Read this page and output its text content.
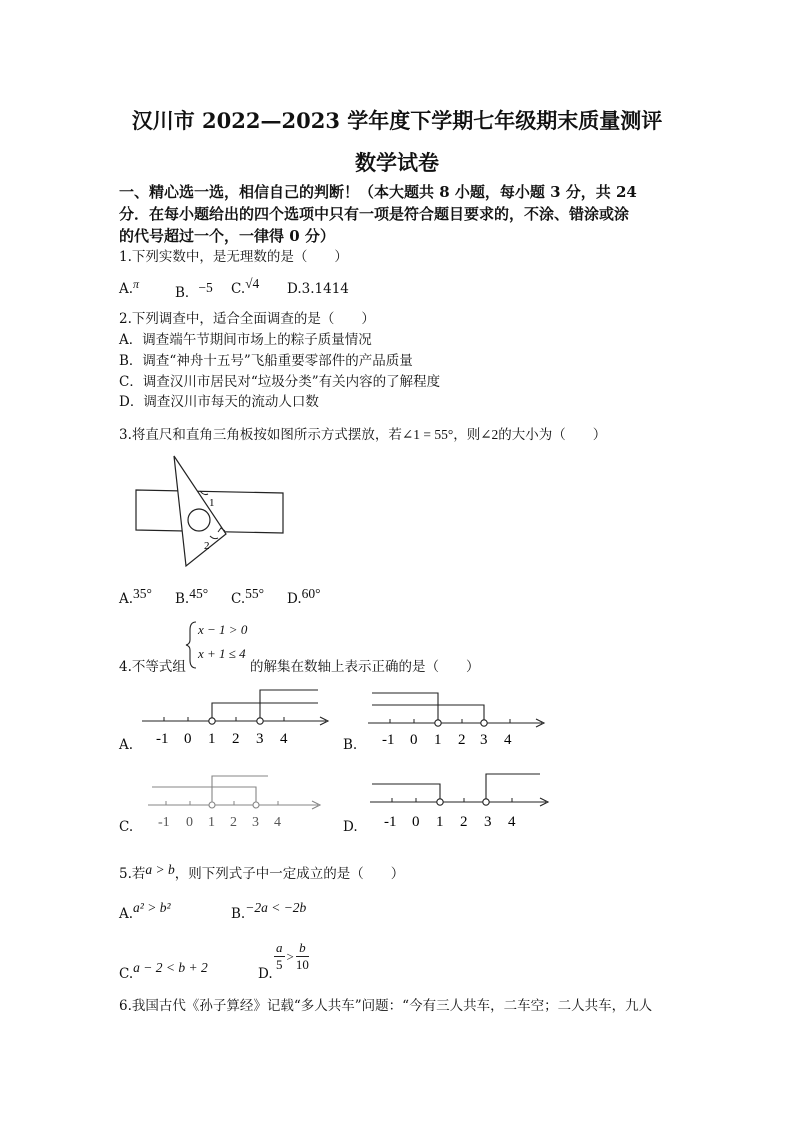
汉川市 2022—2023 学年度下学期七年级期末质量测评
数学试卷
一、精心选一选，相信自己的判断！（本大题共 8 小题，每小题 3 分，共 24
分．在每小题给出的四个选项中只有一项是符合题目要求的，不涂、错涂或涂
的代号超过一个，一律得 0 分）
1.下列实数中，是无理数的是（　　）
A.π
B．−5 C.√4 D.3.1414
2.下列调查中，适合全面调查的是（　　）
A．调查端午节期间市场上的粽子质量情况
B．调查“神舟十五号”飞船重要零部件的产品质量
C．调查汉川市居民对“垃圾分类”有关内容的了解程度
D．调查汉川市每天的流动人口数
3.将直尺和直角三角板按如图所示方式摆放，若∠1 = 55°，则∠2的大小为（　　）
1
2
A.35° B.45° C.55° D.60°
4.不等式组
x − 1 > 0
x + 1 ≤ 4
的解集在数轴上表示正确的是（　　）
A.	B.
C.	D.
-1 0 1 2 3 4	-1 0 1 2 3 4
-1 0 1 2 3 4	-1 0 1 2 3 4
5.若a > b，则下列式子中一定成立的是（　　）
A.a² > b²	B.−2a < −2b
C.a − 2 < b + 2	D.
$\frac{a}{5} > \frac{b}{10}$
6.我国古代《孙子算经》记载“多人共车”问题：“今有三人共车，二车空；二人共车，九人
